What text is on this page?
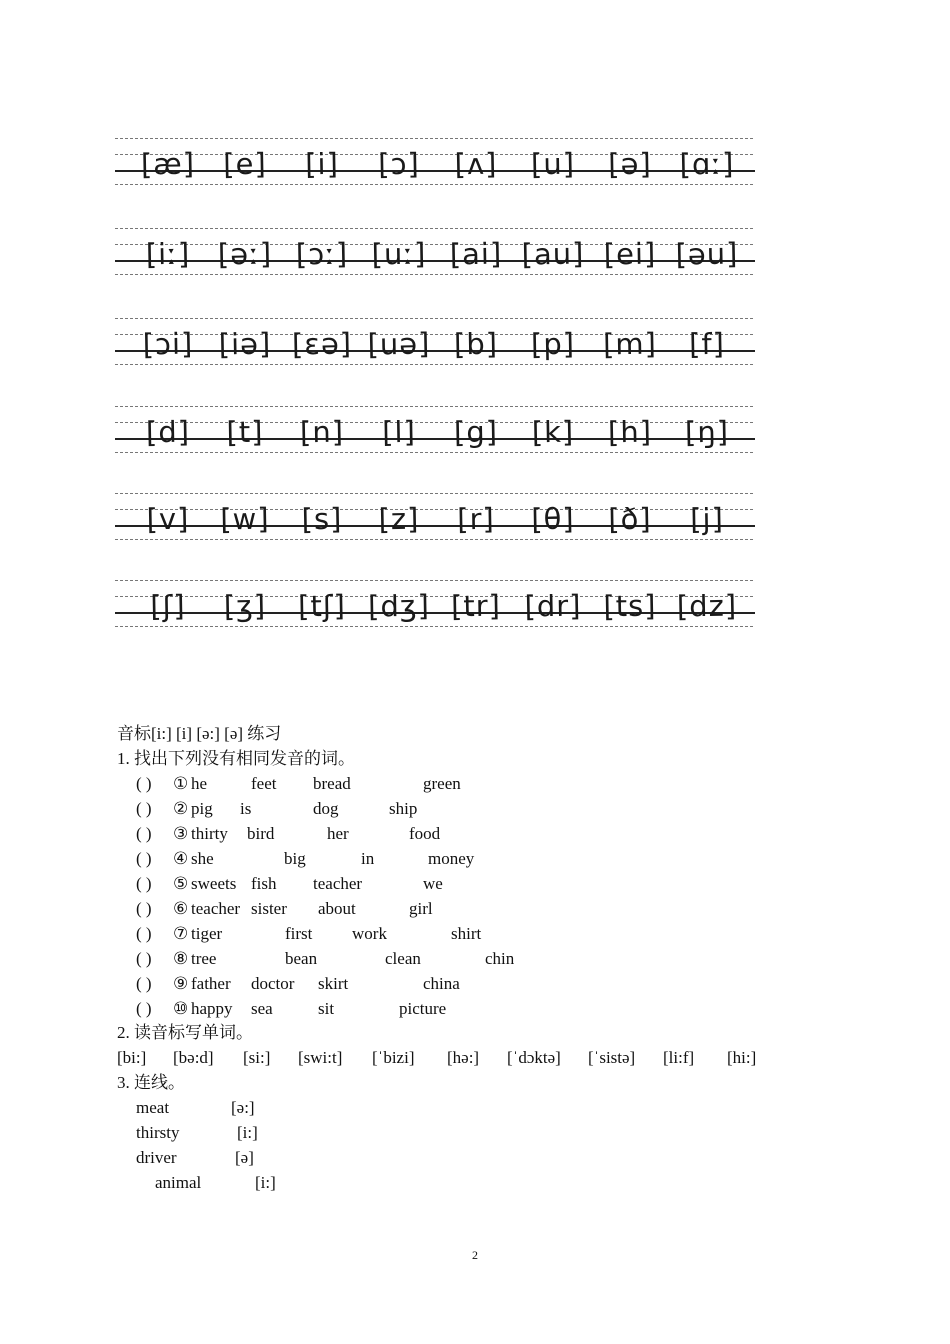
[æ] [e]	[i]	[ɔ]	[ʌ]	[u]	[ə] [ɑː]
[iː] [əː] [ɔː] [uː] [ai] [au] [ei] [əu]
[ɔi] [iə] [ɛə] [uə] [b]	[p] [m]	[f]
[d]	[t]	[n]	[l]	[g]	[k]	[h]	[ŋ]
[v]	[w]	[s]	[z]	[r]	[θ]	[ð]	[j]
[ʃ]	[ʒ]	[tʃ] [dʒ] [tr] [dr] [ts] [dz]
音标[i:] [i] [ə:] [ə] 练习
1. 找出下列没有相同发音的词。
( ) ① he	feet bread	green
( ) ② pig is	dog	ship
( ) ③ thirty bird	her	food
( ) ④ she	big	in	money
( ) ⑤ sweets fish teacher	we
( ) ⑥ teacher sister about	girl
( ) ⑦ tiger	first work	shirt
( ) ⑧ tree	bean	clean	chin
( ) ⑨ father doctor skirt	china
( ) ⑩ happy sea	sit	picture
2. 读音标写单词。
[bi:] [bə:d] [si:] [swi:t] [ˈbizi] [hə:] [ˈdɔktə] [ˈsistə] [li:f] [hi:]
3. 连线。
meat	[ə:]
thirsty	[i:]
driver	[ə]
animal	[i:]
2
